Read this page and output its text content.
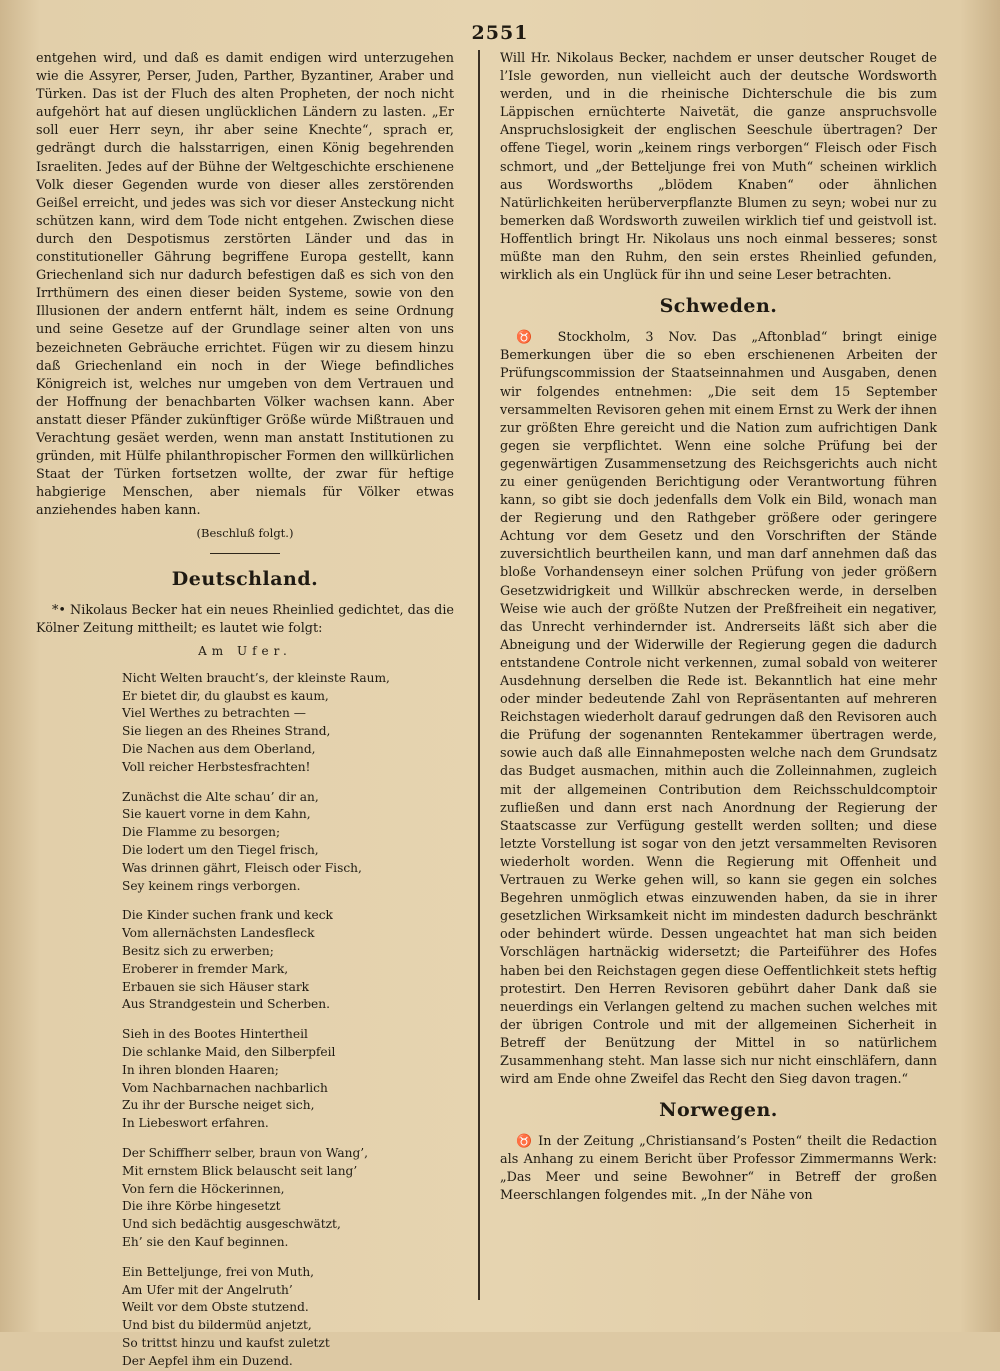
2551

entgehen wird, und daß es damit endigen wird unterzugehen wie die Assyrer, Perser, Juden, Parther, Byzantiner, Araber und Türken. Das ist der Fluch des alten Propheten, der noch nicht aufgehört hat auf diesen unglücklichen Ländern zu lasten. „Er soll euer Herr seyn, ihr aber seine Knechte“, sprach er, gedrängt durch die halsstarrigen, einen König begehrenden Israeliten. Jedes auf der Bühne der Weltgeschichte erschienene Volk dieser Gegenden wurde von dieser alles zerstörenden Geißel erreicht, und jedes was sich vor dieser Ansteckung nicht schützen kann, wird dem Tode nicht entgehen. Zwischen diese durch den Despotismus zerstörten Länder und das in constitutioneller Gährung begriffene Europa gestellt, kann Griechenland sich nur dadurch befestigen daß es sich von den Irrthümern des einen dieser beiden Systeme, sowie von den Illusionen der andern entfernt hält, indem es seine Ordnung und seine Gesetze auf der Grundlage seiner alten von uns bezeichneten Gebräuche errichtet. Fügen wir zu diesem hinzu daß Griechenland ein noch in der Wiege befindliches Königreich ist, welches nur umgeben von dem Vertrauen und der Hoffnung der benachbarten Völker wachsen kann. Aber anstatt dieser Pfänder zukünftiger Größe würde Mißtrauen und Verachtung gesäet werden, wenn man anstatt Institutionen zu gründen, mit Hülfe philanthropischer Formen den willkürlichen Staat der Türken fortsetzen wollte, der zwar für heftige habgierige Menschen, aber niemals für Völker etwas anziehendes haben kann.

(Beschluß folgt.)
Deutschland.

*• Nikolaus Becker hat ein neues Rheinlied gedichtet, das die Kölner Zeitung mittheilt; es lautet wie folgt:

Am Ufer.
Nicht Welten braucht’s, der kleinste Raum,
Er bietet dir, du glaubst es kaum,
Viel Werthes zu betrachten —
Sie liegen an des Rheines Strand,
Die Nachen aus dem Oberland,
Voll reicher Herbstesfrachten!
Zunächst die Alte schau’ dir an,
Sie kauert vorne in dem Kahn,
Die Flamme zu besorgen;
Die lodert um den Tiegel frisch,
Was drinnen gährt, Fleisch oder Fisch,
Sey keinem rings verborgen.
Die Kinder suchen frank und keck
Vom allernächsten Landesfleck
Besitz sich zu erwerben;
Eroberer in fremder Mark,
Erbauen sie sich Häuser stark
Aus Strandgestein und Scherben.
Sieh in des Bootes Hintertheil
Die schlanke Maid, den Silberpfeil
In ihren blonden Haaren;
Vom Nachbarnachen nachbarlich
Zu ihr der Bursche neiget sich,
In Liebeswort erfahren.
Der Schiffherr selber, braun von Wang’,
Mit ernstem Blick belauscht seit lang’
Von fern die Höckerinnen,
Die ihre Körbe hingesetzt
Und sich bedächtig ausgeschwätzt,
Eh’ sie den Kauf beginnen.
Ein Betteljunge, frei von Muth,
Am Ufer mit der Angelruth’
Weilt vor dem Obste stutzend.
Und bist du bildermüd anjetzt,
So trittst hinzu und kaufst zuletzt
Der Aepfel ihm ein Duzend.

Will Hr. Nikolaus Becker, nachdem er unser deutscher Rouget de l’Isle geworden, nun vielleicht auch der deutsche Wordsworth werden, und in die rheinische Dichterschule die bis zum Läppischen ernüchterte Naivetät, die ganze anspruchsvolle Anspruchslosigkeit der englischen Seeschule übertragen? Der offene Tiegel, worin „keinem rings verborgen“ Fleisch oder Fisch schmort, und „der Betteljunge frei von Muth“ scheinen wirklich aus Wordsworths „blödem Knaben“ oder ähnlichen Natürlichkeiten herüberverpflanzte Blumen zu seyn; wobei nur zu bemerken daß Wordsworth zuweilen wirklich tief und geistvoll ist. Hoffentlich bringt Hr. Nikolaus uns noch einmal besseres; sonst müßte man den Ruhm, den sein erstes Rheinlied gefunden, wirklich als ein Unglück für ihn und seine Leser betrachten.

Schweden.

♉ Stockholm, 3 Nov. Das „Aftonblad“ bringt einige Bemerkungen über die so eben erschienenen Arbeiten der Prüfungscommission der Staatseinnahmen und Ausgaben, denen wir folgendes entnehmen: „Die seit dem 15 September versammelten Revisoren gehen mit einem Ernst zu Werk der ihnen zur größten Ehre gereicht und die Nation zum aufrichtigen Dank gegen sie verpflichtet. Wenn eine solche Prüfung bei der gegenwärtigen Zusammensetzung des Reichsgerichts auch nicht zu einer genügenden Berichtigung oder Verantwortung führen kann, so gibt sie doch jedenfalls dem Volk ein Bild, wonach man der Regierung und den Rathgeber größere oder geringere Achtung vor dem Gesetz und den Vorschriften der Stände zuversichtlich beurtheilen kann, und man darf annehmen daß das bloße Vorhandenseyn einer solchen Prüfung von jeder größern Gesetzwidrigkeit und Willkür abschrecken werde, in derselben Weise wie auch der größte Nutzen der Preßfreiheit ein negativer, das Unrecht verhindernder ist. Andrerseits läßt sich aber die Abneigung und der Widerwille der Regierung gegen die dadurch entstandene Controle nicht verkennen, zumal sobald von weiterer Ausdehnung derselben die Rede ist. Bekanntlich hat eine mehr oder minder bedeutende Zahl von Repräsentanten auf mehreren Reichstagen wiederholt darauf gedrungen daß den Revisoren auch die Prüfung der sogenannten Rentekammer übertragen werde, sowie auch daß alle Einnahmeposten welche nach dem Grundsatz das Budget ausmachen, mithin auch die Zolleinnahmen, zugleich mit der allgemeinen Contribution dem Reichsschuldcomptoir zufließen und dann erst nach Anordnung der Regierung der Staatscasse zur Verfügung gestellt werden sollten; und diese letzte Vorstellung ist sogar von den jetzt versammelten Revisoren wiederholt worden. Wenn die Regierung mit Offenheit und Vertrauen zu Werke gehen will, so kann sie gegen ein solches Begehren unmöglich etwas einzuwenden haben, da sie in ihrer gesetzlichen Wirksamkeit nicht im mindesten dadurch beschränkt oder behindert würde. Dessen ungeachtet hat man sich beiden Vorschlägen hartnäckig widersetzt; die Parteiführer des Hofes haben bei den Reichstagen gegen diese Oeffentlichkeit stets heftig protestirt. Den Herren Revisoren gebührt daher Dank daß sie neuerdings ein Verlangen geltend zu machen suchen welches mit der übrigen Controle und mit der allgemeinen Sicherheit in Betreff der Benützung der Mittel in so natürlichem Zusammenhang steht. Man lasse sich nur nicht einschläfern, dann wird am Ende ohne Zweifel das Recht den Sieg davon tragen.“

Norwegen.

♉ In der Zeitung „Christiansand’s Posten“ theilt die Redaction als Anhang zu einem Bericht über Professor Zimmermanns Werk: „Das Meer und seine Bewohner“ in Betreff der großen Meerschlangen folgendes mit. „In der Nähe von
